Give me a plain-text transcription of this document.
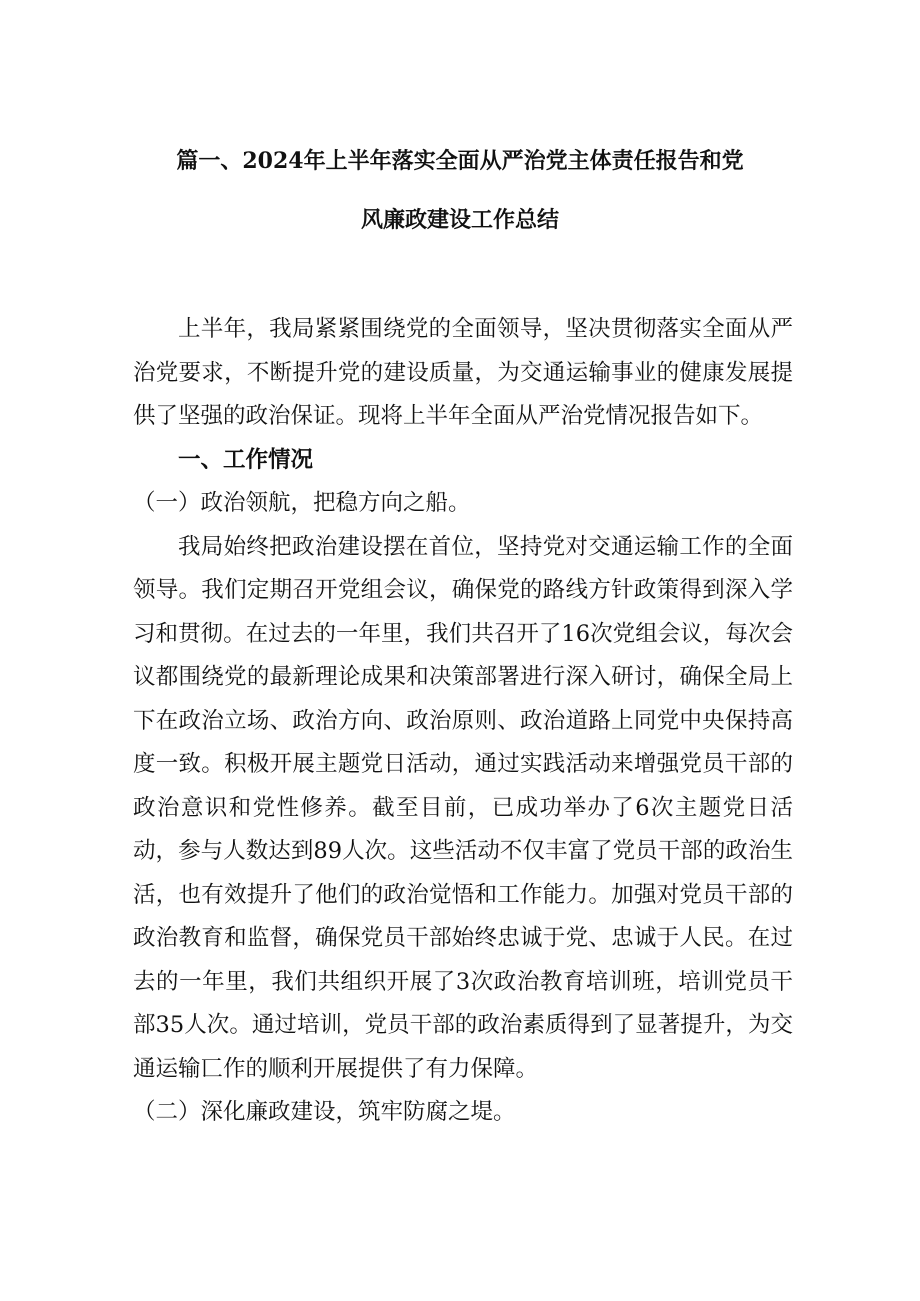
篇一、2024年上半年落实全面从严治党主体责任报告和党
风廉政建设工作总结

上半年，我局紧紧围绕党的全面领导，坚决贯彻落实全面从严治党要求，不断提升党的建设质量，为交通运输事业的健康发展提供了坚强的政治保证。现将上半年全面从严治党情况报告如下。

一、工作情况

（一）政治领航，把稳方向之船。

我局始终把政治建设摆在首位，坚持党对交通运输工作的全面领导。我们定期召开党组会议，确保党的路线方针政策得到深入学习和贯彻。在过去的一年里，我们共召开了16次党组会议，每次会议都围绕党的最新理论成果和决策部署进行深入研讨，确保全局上下在政治立场、政治方向、政治原则、政治道路上同党中央保持高度一致。积极开展主题党日活动，通过实践活动来增强党员干部的政治意识和党性修养。截至目前，已成功举办了6次主题党日活动，参与人数达到89人次。这些活动不仅丰富了党员干部的政治生活，也有效提升了他们的政治觉悟和工作能力。加强对党员干部的政治教育和监督，确保党员干部始终忠诚于党、忠诚于人民。在过去的一年里，我们共组织开展了3次政治教育培训班，培训党员干部35人次。通过培训，党员干部的政治素质得到了显著提升，为交通运输匸作的顺利开展提供了有力保障。

（二）深化廉政建设，筑牢防腐之堤。
